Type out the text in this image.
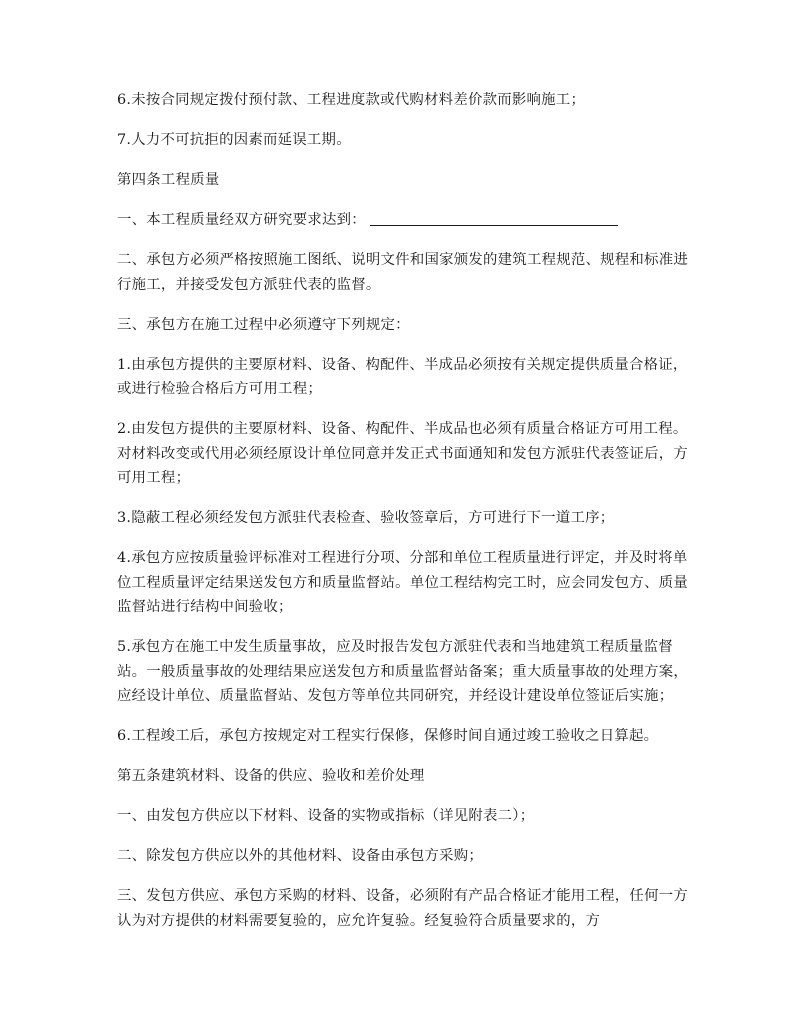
6.未按合同规定拨付预付款、工程进度款或代购材料差价款而影响施工；

7.人力不可抗拒的因素而延误工期。

第四条工程质量

一、本工程质量经双方研究要求达到：

二、承包方必须严格按照施工图纸、说明文件和国家颁发的建筑工程规范、规程和标准进行施工，并接受发包方派驻代表的监督。

三、承包方在施工过程中必须遵守下列规定：

1.由承包方提供的主要原材料、设备、构配件、半成品必须按有关规定提供质量合格证，或进行检验合格后方可用工程；

2.由发包方提供的主要原材料、设备、构配件、半成品也必须有质量合格证方可用工程。对材料改变或代用必须经原设计单位同意并发正式书面通知和发包方派驻代表签证后，方可用工程；

3.隐蔽工程必须经发包方派驻代表检查、验收签章后，方可进行下一道工序；

4.承包方应按质量验评标准对工程进行分项、分部和单位工程质量进行评定，并及时将单位工程质量评定结果送发包方和质量监督站。单位工程结构完工时，应会同发包方、质量监督站进行结构中间验收；

5.承包方在施工中发生质量事故，应及时报告发包方派驻代表和当地建筑工程质量监督站。一般质量事故的处理结果应送发包方和质量监督站备案；重大质量事故的处理方案，应经设计单位、质量监督站、发包方等单位共同研究，并经设计建设单位签证后实施；

6.工程竣工后，承包方按规定对工程实行保修，保修时间自通过竣工验收之日算起。

第五条建筑材料、设备的供应、验收和差价处理

一、由发包方供应以下材料、设备的实物或指标（详见附表二）；

二、除发包方供应以外的其他材料、设备由承包方采购；

三、发包方供应、承包方采购的材料、设备，必须附有产品合格证才能用工程，任何一方认为对方提供的材料需要复验的，应允许复验。经复验符合质量要求的，方
